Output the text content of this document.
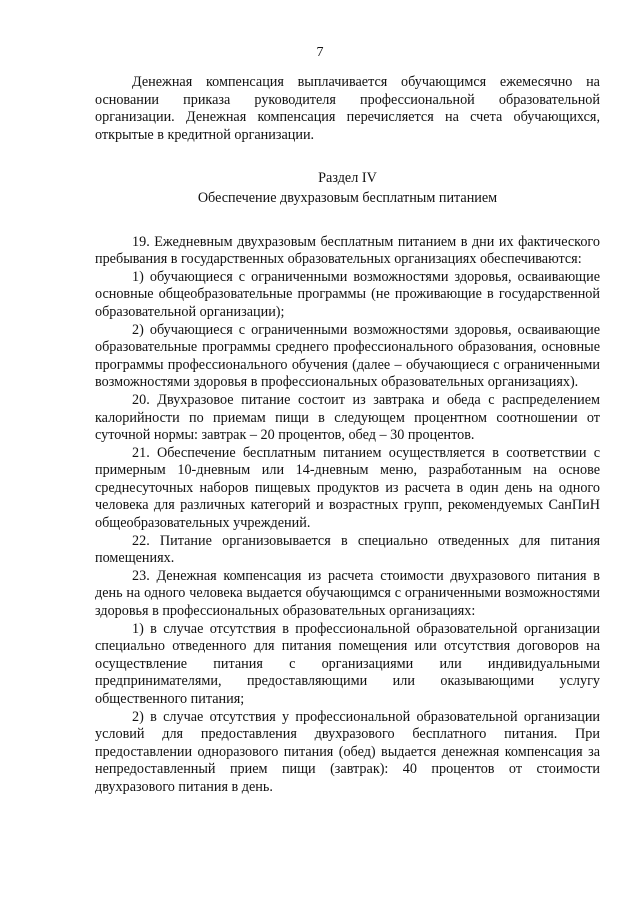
7

Денежная компенсация выплачивается обучающимся ежемесячно на основании приказа руководителя профессиональной образовательной организации. Денежная компенсация перечисляется на счета обучающихся, открытые в кредитной организации.

Раздел IV

Обеспечение двухразовым бесплатным питанием

19. Ежедневным двухразовым бесплатным питанием в дни их фактического пребывания в государственных образовательных организациях обеспечиваются:

1) обучающиеся с ограниченными возможностями здоровья, осваивающие основные общеобразовательные программы (не проживающие в государственной образовательной организации);

2) обучающиеся с ограниченными возможностями здоровья, осваивающие образовательные программы среднего профессионального образования, основные программы профессионального обучения (далее – обучающиеся с ограниченными возможностями здоровья в профессиональных образовательных организациях).

20. Двухразовое питание состоит из завтрака и обеда с распределением калорийности по приемам пищи в следующем процентном соотношении от суточной нормы: завтрак – 20 процентов, обед – 30 процентов.

21. Обеспечение бесплатным питанием осуществляется в соответствии с примерным 10-дневным или 14-дневным меню, разработанным на основе среднесуточных наборов пищевых продуктов из расчета в один день на одного человека для различных категорий и возрастных групп, рекомендуемых СанПиН общеобразовательных учреждений.

22. Питание организовывается в специально отведенных для питания помещениях.

23. Денежная компенсация из расчета стоимости двухразового питания в день на одного человека выдается обучающимся с ограниченными возможностями здоровья в профессиональных образовательных организациях:

1) в случае отсутствия в профессиональной образовательной организации специально отведенного для питания помещения или отсутствия договоров на осуществление питания с организациями или индивидуальными предпринимателями, предоставляющими или оказывающими услугу общественного питания;

2) в случае отсутствия у профессиональной образовательной организации условий для предоставления двухразового бесплатного питания. При предоставлении одноразового питания (обед) выдается денежная компенсация за непредоставленный прием пищи (завтрак): 40 процентов от стоимости двухразового питания в день.
